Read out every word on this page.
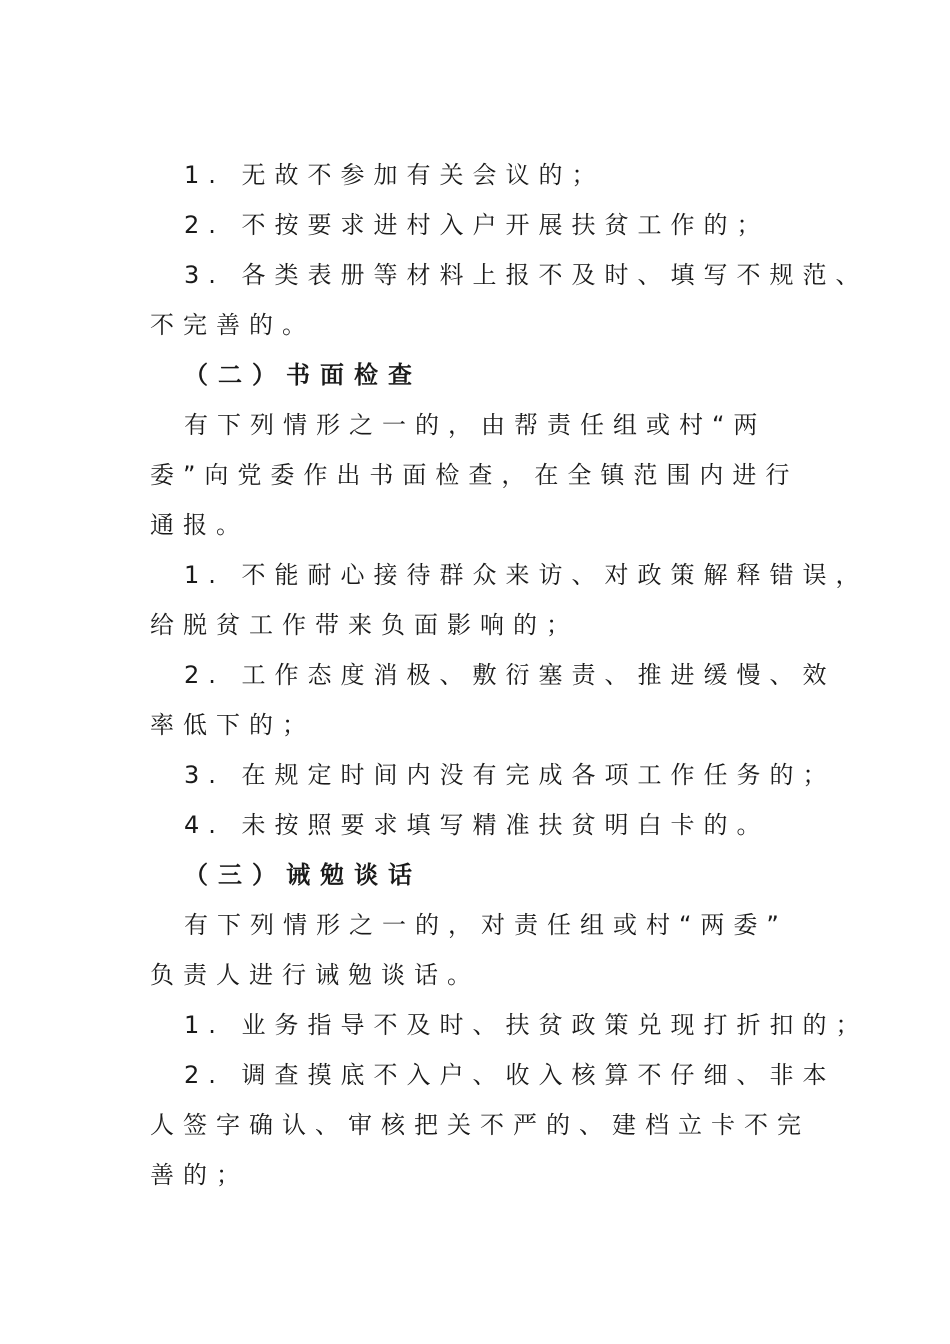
1. 无故不参加有关会议的；
2. 不按要求进村入户开展扶贫工作的；
3. 各类表册等材料上报不及时、填写不规范、
不完善的。
（二）书面检查
有下列情形之一的，由帮责任组或村“两
委”向党委作出书面检查，在全镇范围内进行
通报。
1. 不能耐心接待群众来访、对政策解释错误，
给脱贫工作带来负面影响的；
2. 工作态度消极、敷衍塞责、推进缓慢、效
率低下的；
3. 在规定时间内没有完成各项工作任务的；
4. 未按照要求填写精准扶贫明白卡的。
（三）诫勉谈话
有下列情形之一的，对责任组或村“两委”
负责人进行诫勉谈话。
1. 业务指导不及时、扶贫政策兑现打折扣的；
2. 调查摸底不入户、收入核算不仔细、非本
人签字确认、审核把关不严的、建档立卡不完
善的；
